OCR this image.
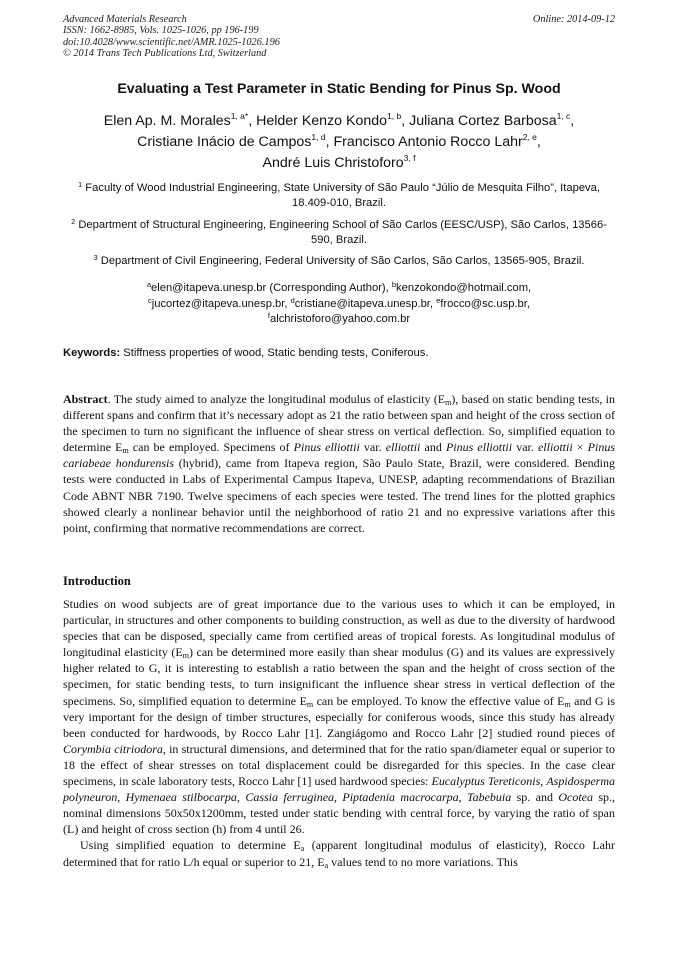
Advanced Materials Research
ISSN: 1662-8985, Vols. 1025-1026, pp 196-199
doi:10.4028/www.scientific.net/AMR.1025-1026.196
© 2014 Trans Tech Publications Ltd, Switzerland
Online: 2014-09-12
Evaluating a Test Parameter in Static Bending for Pinus Sp. Wood
Elen Ap. M. Morales$^{1, a*}$, Helder Kenzo Kondo$^{1, b}$, Juliana Cortez Barbosa$^{1, c}$,
Cristiane Inácio de Campos$^{1, d}$, Francisco Antonio Rocco Lahr$^{2, e}$,
André Luis Christoforo$^{3, f}$
$^1$ Faculty of Wood Industrial Engineering, State University of São Paulo “Júlio de Mesquita Filho”, Itapeva, 18.409-010, Brazil.
$^2$ Department of Structural Engineering, Engineering School of São Carlos (EESC/USP), São Carlos, 13566-590, Brazil.
$^3$ Department of Civil Engineering, Federal University of São Carlos, São Carlos, 13565-905, Brazil.
$^a$elen@itapeva.unesp.br (Corresponding Author), $^b$kenzokondo@hotmail.com,
$^c$jucortez@itapeva.unesp.br, $^d$cristiane@itapeva.unesp.br, $^e$frocco@sc.usp.br,
$^f$alchristoforo@yahoo.com.br
Keywords: Stiffness properties of wood, Static bending tests, Coniferous.
Abstract. The study aimed to analyze the longitudinal modulus of elasticity $(E_m)$, based on static bending tests, in different spans and confirm that it’s necessary adopt as 21 the ratio between span and height of the cross section of the specimen to turn no significant the influence of shear stress on vertical deflection. So, simplified equation to determine $E_m$ can be employed. Specimens of Pinus elliottii var. elliottii and Pinus elliottii var. elliottii × Pinus cariabeae hondurensis (hybrid), came from Itapeva region, São Paulo State, Brazil, were considered. Bending tests were conducted in Labs of Experimental Campus Itapeva, UNESP, adapting recommendations of Brazilian Code ABNT NBR 7190. Twelve specimens of each species were tested. The trend lines for the plotted graphics showed clearly a nonlinear behavior until the neighborhood of ratio 21 and no expressive variations after this point, confirming that normative recommendations are correct.
Introduction

Studies on wood subjects are of great importance due to the various uses to which it can be employed, in particular, in structures and other components to building construction, as well as due to the diversity of hardwood species that can be disposed, specially came from certified areas of tropical forests. As longitudinal modulus of longitudinal elasticity $(E_m)$ can be determined more easily than shear modulus (G) and its values are expressively higher related to G, it is interesting to establish a ratio between the span and the height of cross section of the specimen, for static bending tests, to turn insignificant the influence shear stress in vertical deflection of the specimens. So, simplified equation to determine $E_m$ can be employed. To know the effective value of $E_m$ and G is very important for the design of timber structures, especially for coniferous woods, since this study has already been conducted for hardwoods, by Rocco Lahr [1]. Zangiágomo and Rocco Lahr [2] studied round pieces of Corymbia citriodora, in structural dimensions, and determined that for the ratio span/diameter equal or superior to 18 the effect of shear stresses on total displacement could be disregarded for this species. In the case clear specimens, in scale laboratory tests, Rocco Lahr [1] used hardwood species: Eucalyptus Tereticonis, Aspidosperma polyneuron, Hymenaea stilbocarpa, Cassia ferruginea, Piptadenia macrocarpa, Tabebuia sp. and Ocotea sp., nominal dimensions 50x50x1200mm, tested under static bending with central force, by varying the ratio of span (L) and height of cross section (h) from 4 until 26.

Using simplified equation to determine $E_a$ (apparent longitudinal modulus of elasticity), Rocco Lahr determined that for ratio L/h equal or superior to 21, $E_a$ values tend to no more variations. This
